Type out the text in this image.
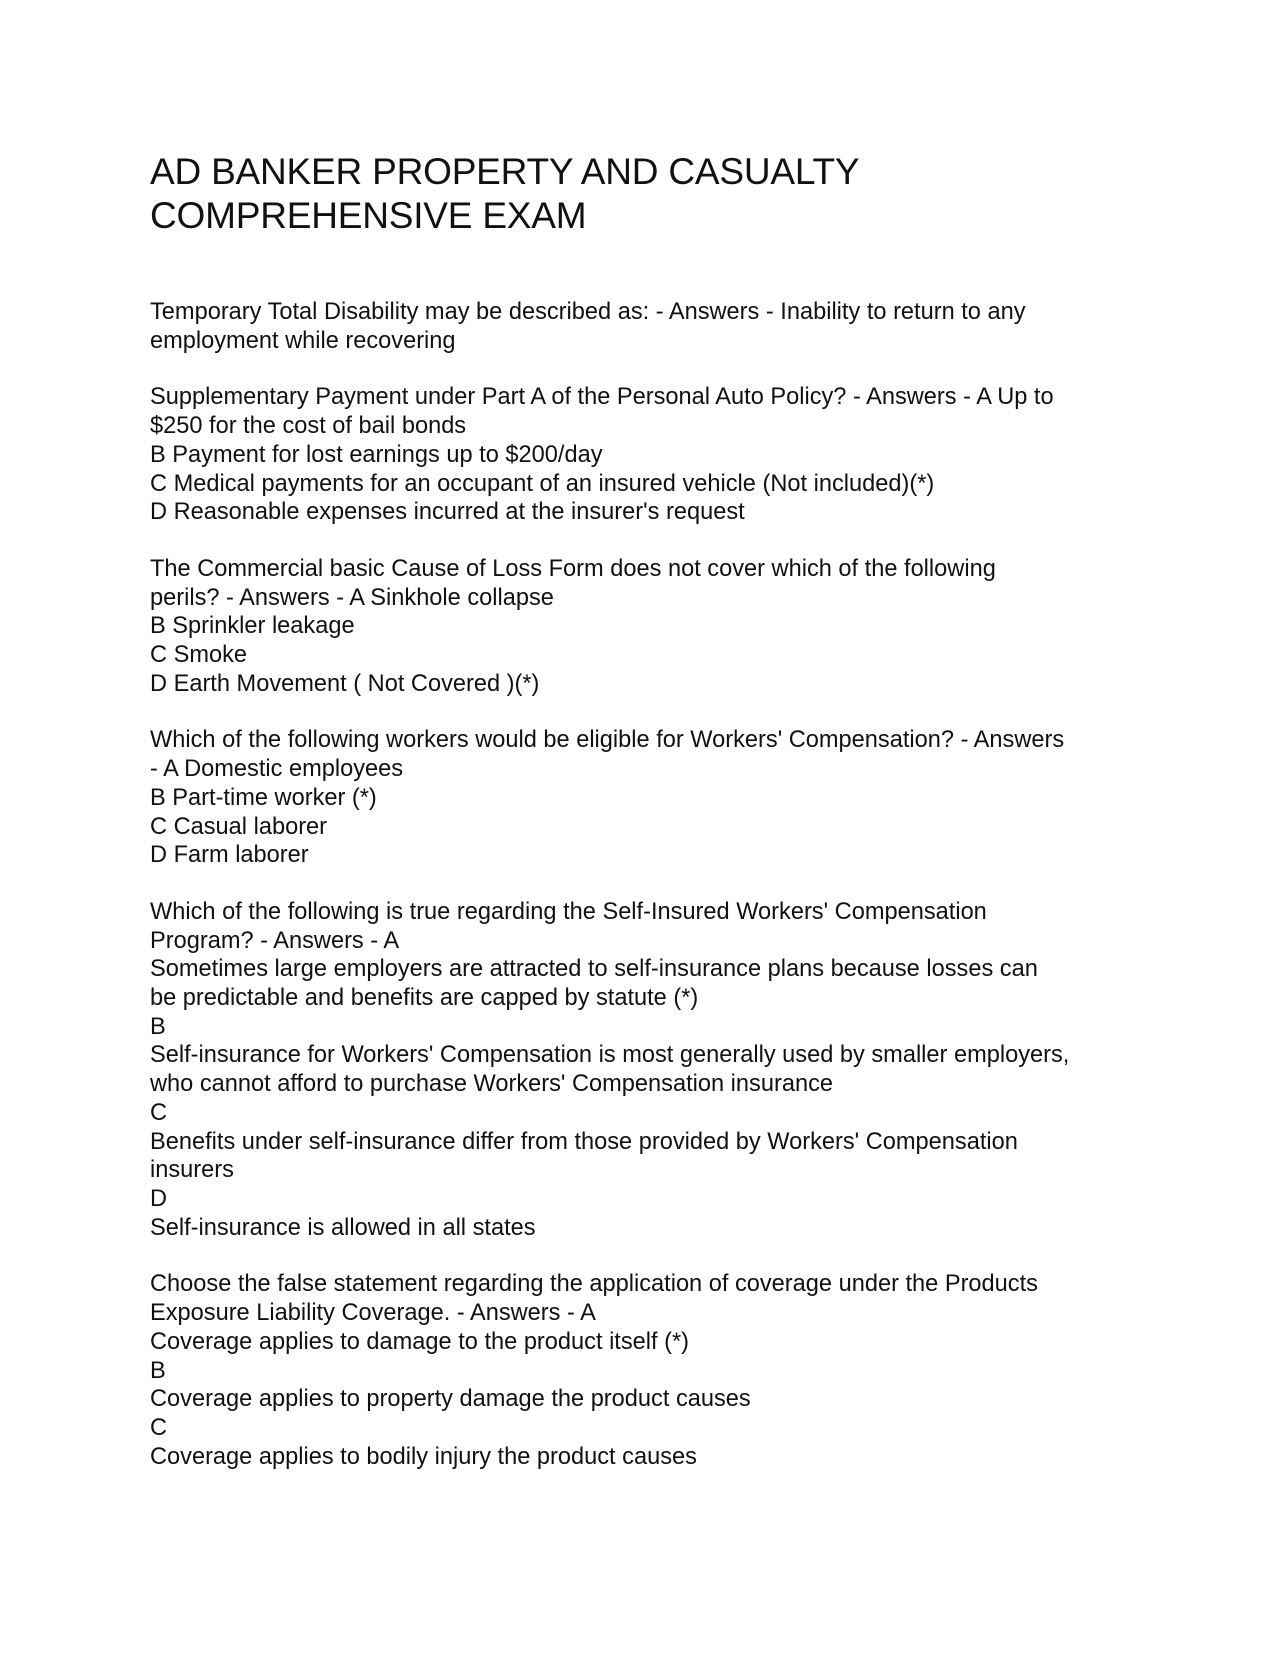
AD BANKER PROPERTY AND CASUALTY
COMPREHENSIVE EXAM
Temporary Total Disability may be described as: - Answers - Inability to return to any
employment while recovering
Supplementary Payment under Part A of the Personal Auto Policy? - Answers - A Up to
$250 for the cost of bail bonds
B Payment for lost earnings up to $200/day
C Medical payments for an occupant of an insured vehicle (Not included)(*)
D Reasonable expenses incurred at the insurer's request
The Commercial basic Cause of Loss Form does not cover which of the following
perils? - Answers - A Sinkhole collapse
B Sprinkler leakage
C Smoke
D Earth Movement ( Not Covered )(*)
Which of the following workers would be eligible for Workers' Compensation? - Answers
- A Domestic employees
B Part-time worker (*)
C Casual laborer
D Farm laborer
Which of the following is true regarding the Self-Insured Workers' Compensation
Program? - Answers - A
Sometimes large employers are attracted to self-insurance plans because losses can
be predictable and benefits are capped by statute (*)
B
Self-insurance for Workers' Compensation is most generally used by smaller employers,
who cannot afford to purchase Workers' Compensation insurance
C
Benefits under self-insurance differ from those provided by Workers' Compensation
insurers
D
Self-insurance is allowed in all states
Choose the false statement regarding the application of coverage under the Products
Exposure Liability Coverage. - Answers - A
Coverage applies to damage to the product itself (*)
B
Coverage applies to property damage the product causes
C
Coverage applies to bodily injury the product causes
